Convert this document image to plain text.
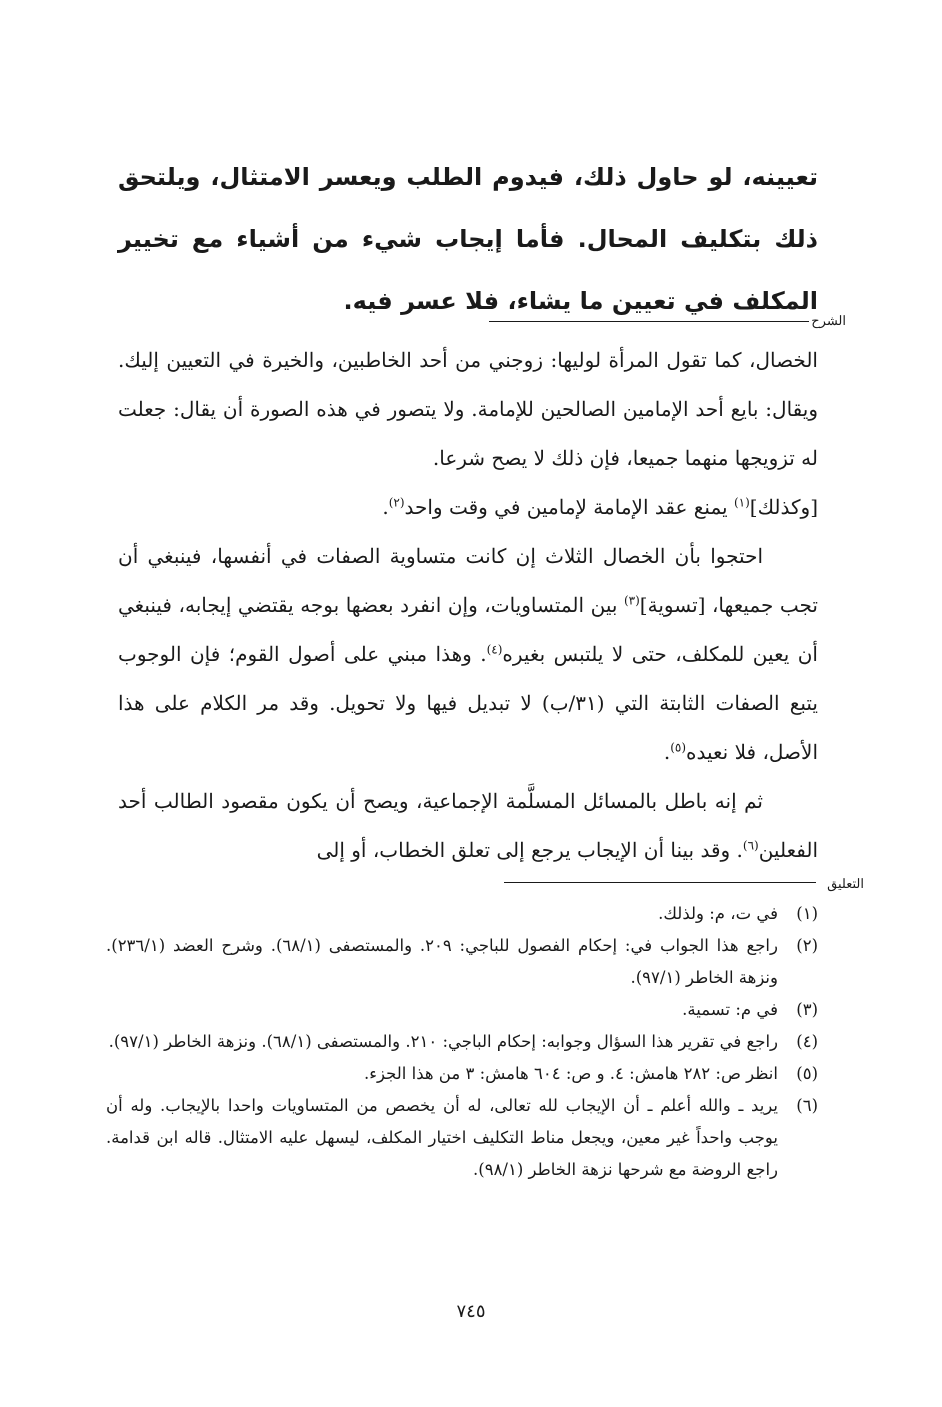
تعيينه، لو حاول ذلك، فيدوم الطلب ويعسر الامتثال، ويلتحق ذلك بتكليف المحال. فأما إيجاب شيء من أشياء مع تخيير المكلف في تعيين ما يشاء، فلا عسر فيه.

الشرح

الخصال، كما تقول المرأة لوليها: زوجني من أحد الخاطبين، والخيرة في التعيين إليك. ويقال: بايع أحد الإمامين الصالحين للإمامة. ولا يتصور في هذه الصورة أن يقال: جعلت له تزويجها منهما جميعا، فإن ذلك لا يصح شرعا.

[وكذلك]$^{(١)}$ يمنع عقد الإمامة لإمامين في وقت واحد$^{(٢)}$.

احتجوا بأن الخصال الثلاث إن كانت متساوية الصفات في أنفسها، فينبغي أن تجب جميعها، [تسوية]$^{(٣)}$ بين المتساويات، وإن انفرد بعضها بوجه يقتضي إيجابه، فينبغي أن يعين للمكلف، حتى لا يلتبس بغيره$^{(٤)}$. وهذا مبني على أصول القوم؛ فإن الوجوب يتبع الصفات الثابتة التي (٣١/ب) لا تبديل فيها ولا تحويل. وقد مر الكلام على هذا الأصل، فلا نعيده$^{(٥)}$.

ثم إنه باطل بالمسائل المسلَّمة الإجماعية، ويصح أن يكون مقصود الطالب أحد الفعلين$^{(٦)}$. وقد بينا أن الإيجاب يرجع إلى تعلق الخطاب، أو إلى

التعليق
(١)
في ت، م: ولذلك.
(٢)
راجع هذا الجواب في: إحكام الفصول للباجي: ٢٠٩. والمستصفى (٦٨/١). وشرح العضد (٢٣٦/١). ونزهة الخاطر (٩٧/١).
(٣)
في م: تسمية.
(٤)
راجع في تقرير هذا السؤال وجوابه: إحكام الباجي: ٢١٠. والمستصفى (٦٨/١). ونزهة الخاطر (٩٧/١).
(٥)
انظر ص: ٢٨٢ هامش: ٤. و ص: ٦٠٤ هامش: ٣ من هذا الجزء.
(٦)
يريد ـ والله أعلم ـ أن الإيجاب لله تعالى، له أن يخصص من المتساويات واحدا بالإيجاب. وله أن يوجب واحداً غير معين، ويجعل مناط التكليف اختيار المكلف، ليسهل عليه الامتثال. قاله ابن قدامة. راجع الروضة مع شرحها نزهة الخاطر (٩٨/١).
٧٤٥
